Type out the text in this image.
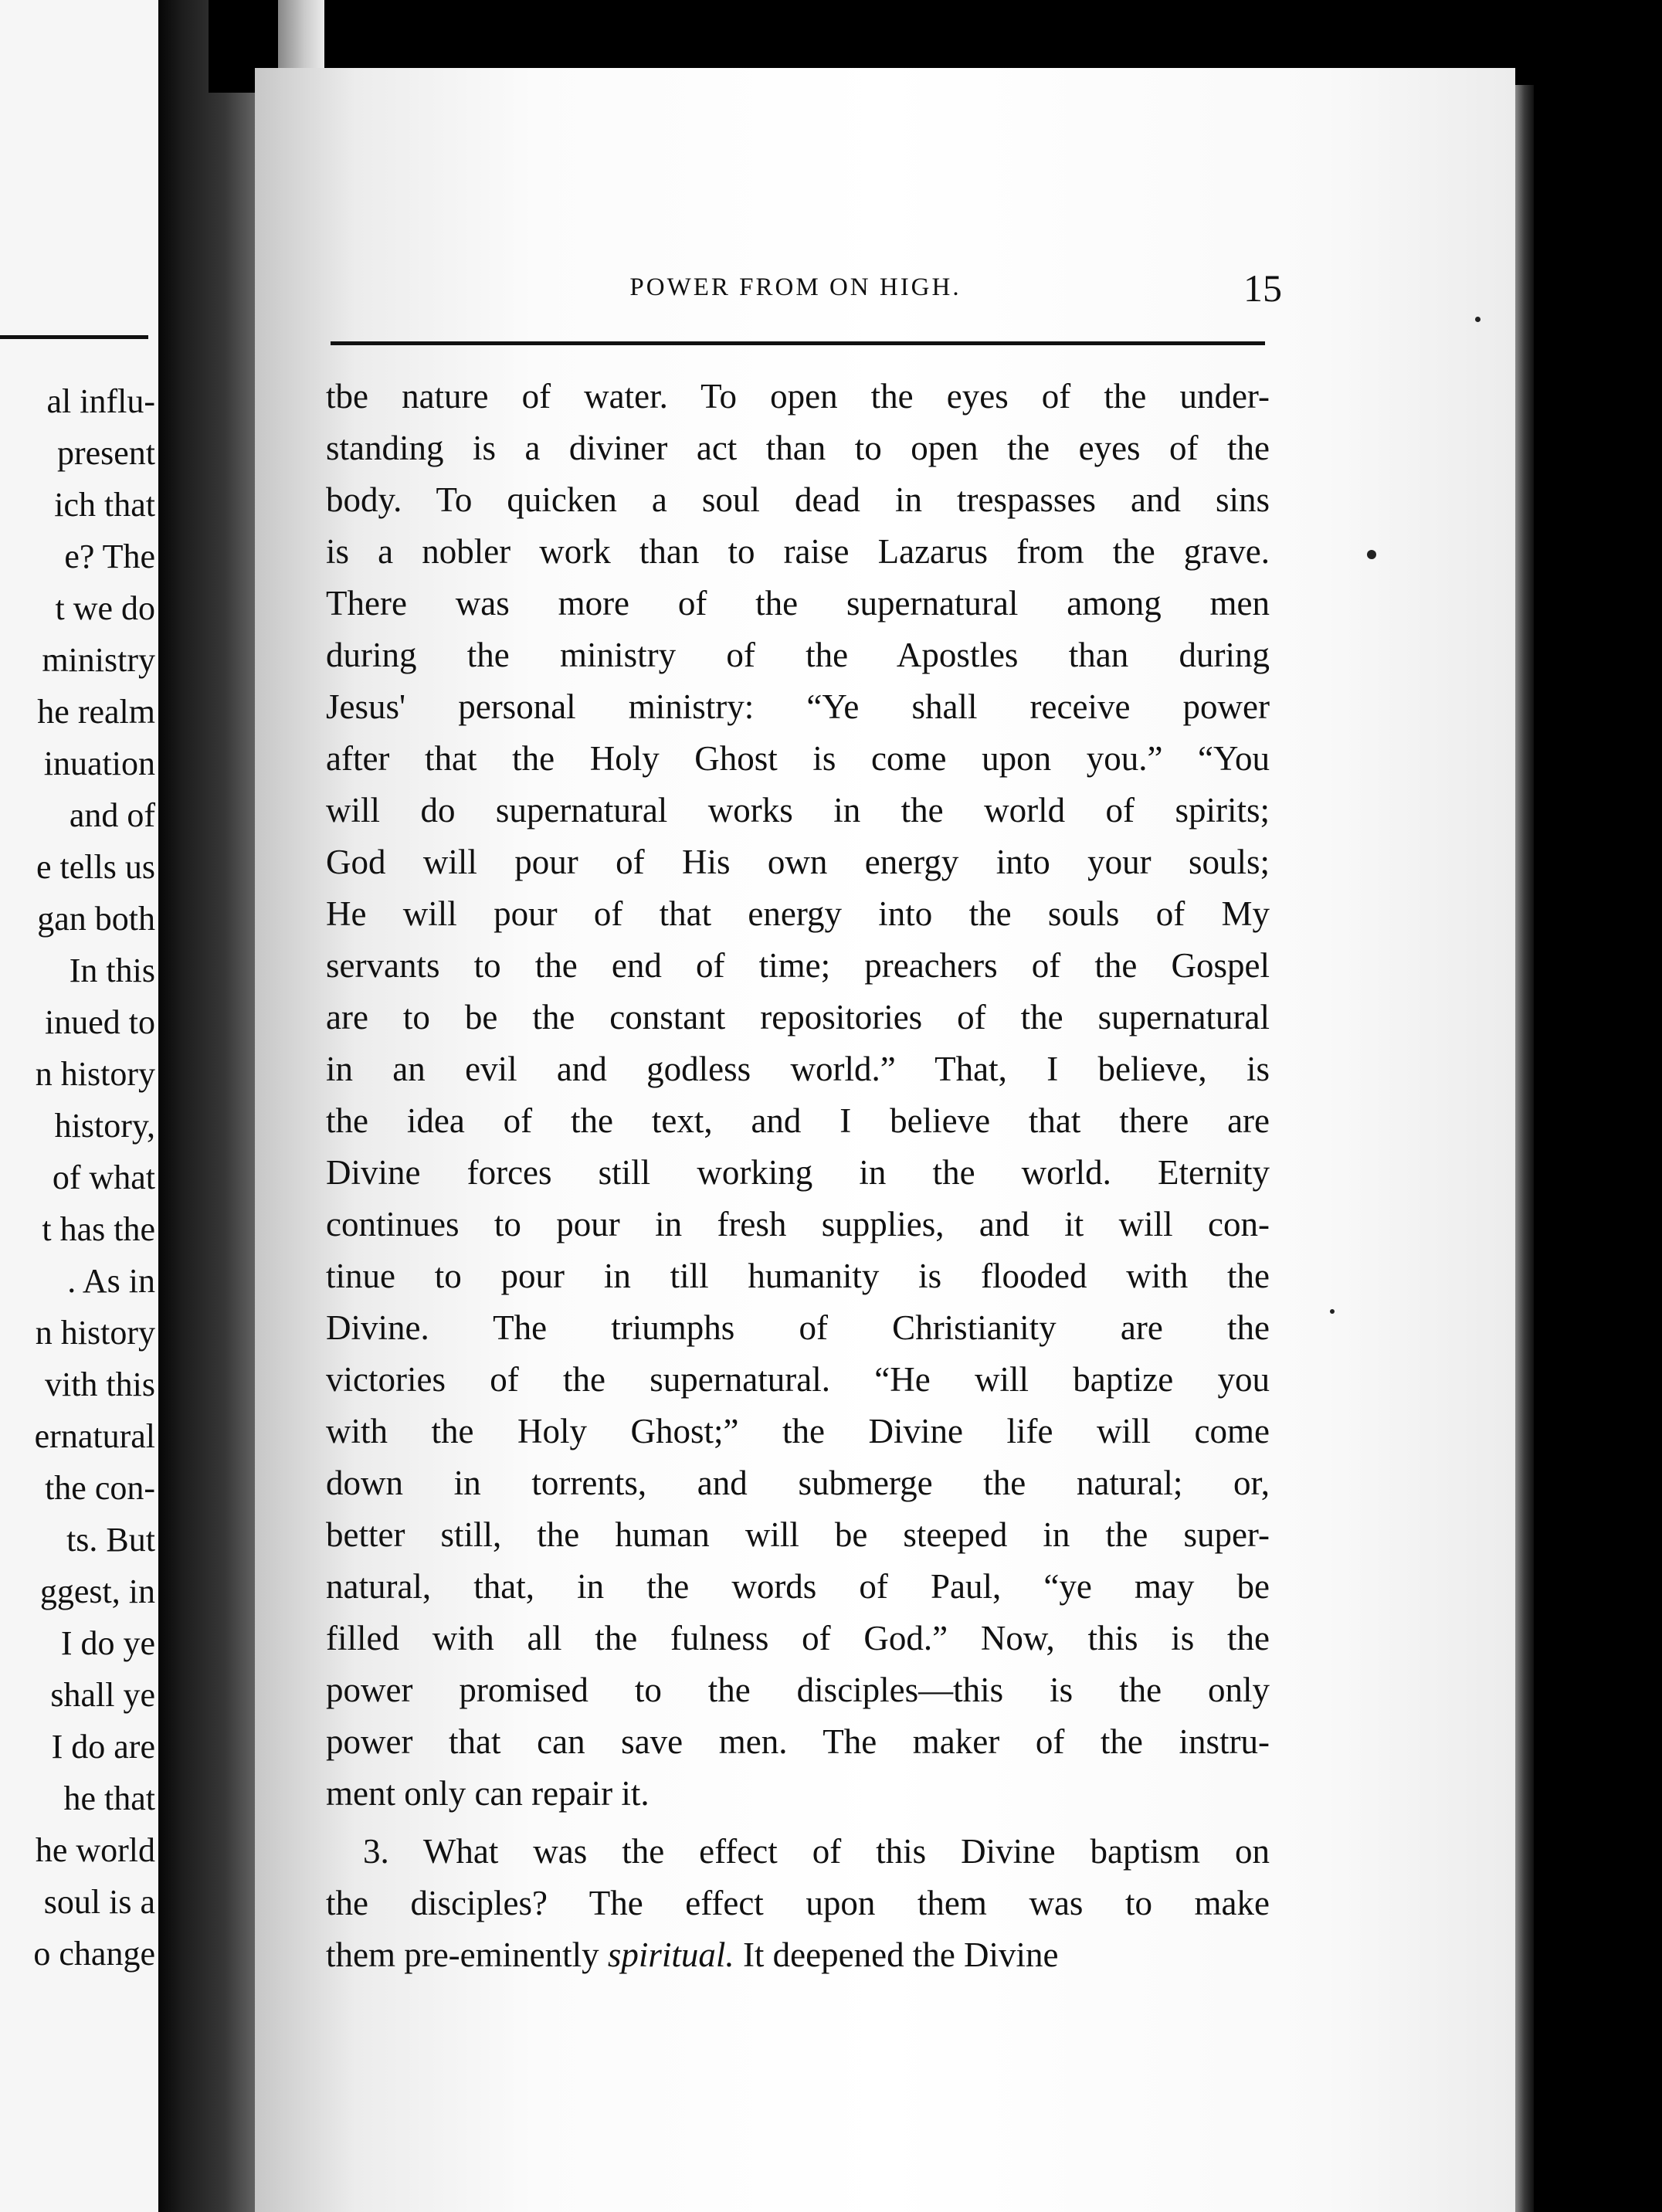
al influ-
present
ich that
e? The
t we do
ministry
he realm
inuation
and of
e tells us
gan both
In this
inued to
n history
history,
of what
t has the
. As in
n history
vith this
ernatural
the con-
ts. But
ggest, in
I do ye
shall ye
I do are
he that
he world
soul is a
o change
POWER FROM ON HIGH.	15
tbe nature of water. To open the eyes of the under-
standing is a diviner act than to open the eyes of the
body. To quicken a soul dead in trespasses and sins
is a nobler work than to raise Lazarus from the grave.
There was more of the supernatural among men
during the ministry of the Apostles than during
Jesus' personal ministry: “Ye shall receive power
after that the Holy Ghost is come upon you.” “You
will do supernatural works in the world of spirits;
God will pour of His own energy into your souls;
He will pour of that energy into the souls of My
servants to the end of time; preachers of the Gospel
are to be the constant repositories of the supernatural
in an evil and godless world.” That, I believe, is
the idea of the text, and I believe that there are
Divine forces still working in the world. Eternity
continues to pour in fresh supplies, and it will con-
tinue to pour in till humanity is flooded with the
Divine. The triumphs of Christianity are the
victories of the supernatural. “He will baptize you
with the Holy Ghost;” the Divine life will come
down in torrents, and submerge the natural; or,
better still, the human will be steeped in the super-
natural, that, in the words of Paul, “ye may be
filled with all the fulness of God.” Now, this is the
power promised to the disciples—this is the only
power that can save men. The maker of the instru-
ment only can repair it.
3. What was the effect of this Divine baptism on
the disciples? The effect upon them was to make
them pre-eminently spiritual. It deepened the Divine
